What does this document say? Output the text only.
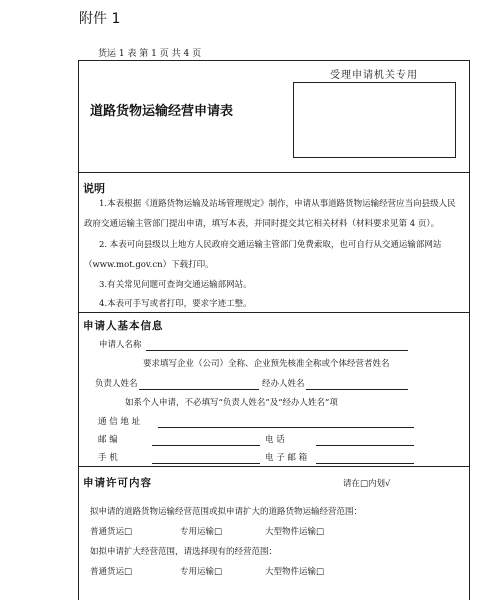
附件 1
货运 1 表 第 1 页 共 4 页
受理申请机关专用
道路货物运输经营申请表
说明
1.本表根据《道路货物运输及站场管理规定》制作，申请从事道路货物运输经营应当向县级人民
政府交通运输主管部门提出申请，填写本表，并同时提交其它相关材料（材料要求见第 4 页）。
2. 本表可向县级以上地方人民政府交通运输主管部门免费索取，也可自行从交通运输部网站
（www.mot.gov.cn）下载打印。
3.有关常见问题可查询交通运输部网站。
4.本表可手写或者打印，要求字迹工整。
申请人基本信息
申请人名称
要求填写企业（公司）全称、企业预先核准全称或个体经营者姓名
负责人姓名	经办人姓名
如系个人申请，不必填写“负责人姓名”及“经办人姓名”项
通 信 地 址
邮 编	电 话
手 机	电 子 邮 箱
申请许可内容	请在□内划√
拟申请的道路货物运输经营范围或拟申请扩大的道路货物运输经营范围：
普通货运□	专用运输□	大型物件运输□
如拟申请扩大经营范围，请选择现有的经营范围：
普通货运□	专用运输□	大型物件运输□
